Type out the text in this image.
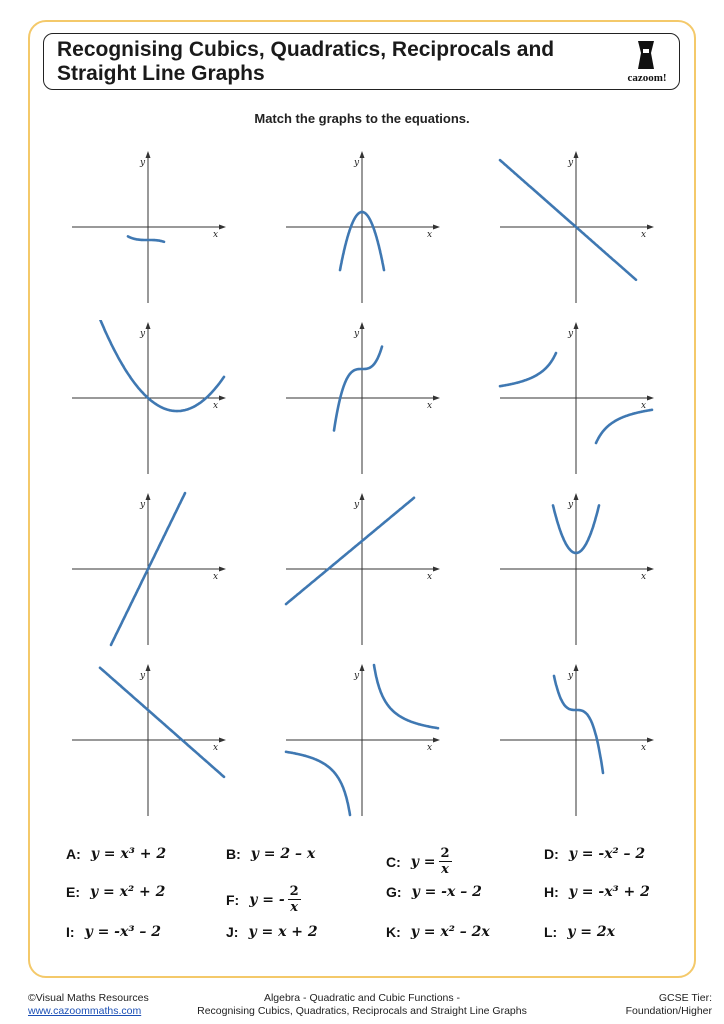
Recognising Cubics, Quadratics, Reciprocals and Straight Line Graphs	cazoom!
Match the graphs to the equations.
x
y
x
y
x
y
x
y
x
y
x
y
x
y
x
y
x
y
x
y
x
y
x
y
A: y = x³ + 2	B: y = 2 – x	C: $y = \frac{2}{x}$	D: y = -x² – 2
E: y = x² + 2	F: y = - $\frac{2}{x}$	G: y = -x – 2	H: y = -x³ + 2
I: y = -x³ – 2	J: y = x + 2	K: y = x² – 2x	L: y = 2x
©Visual Maths Resources
www.cazoommaths.com
Algebra - Quadratic and Cubic Functions -
Recognising Cubics, Quadratics, Reciprocals and Straight Line Graphs
GCSE Tier:
Foundation/Higher
